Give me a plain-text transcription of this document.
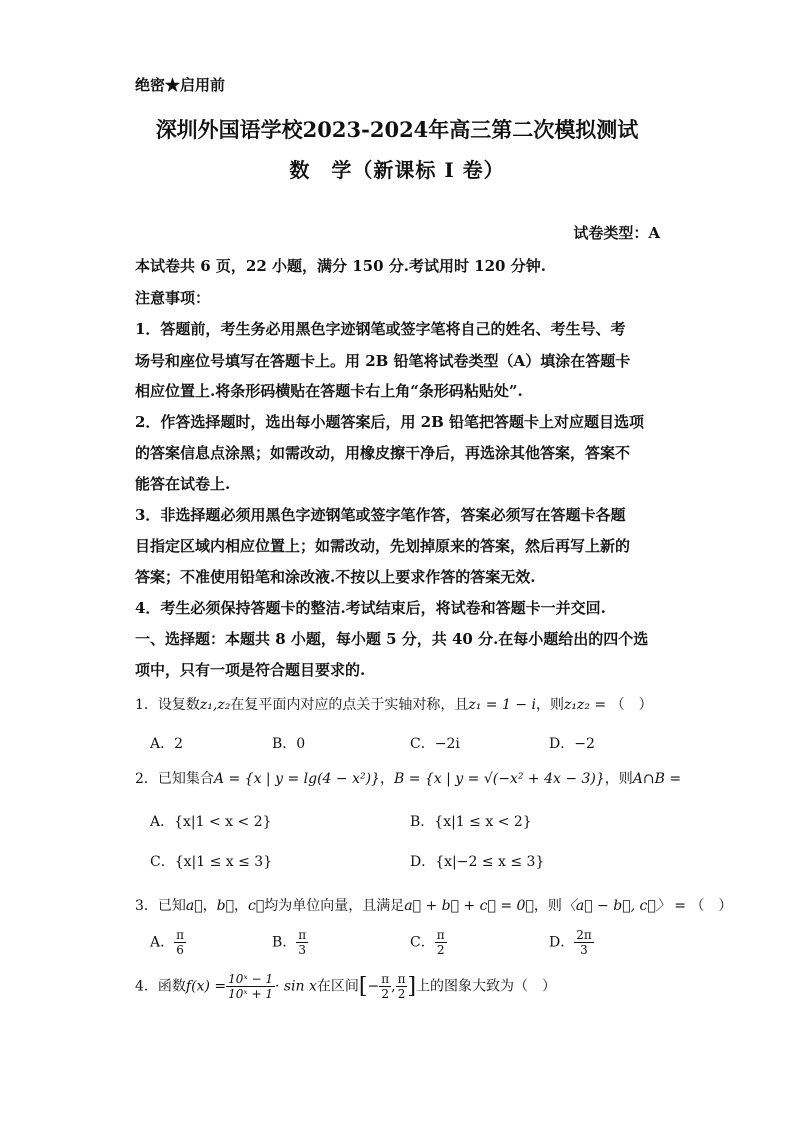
绝密★启用前
深圳外国语学校2023-2024年高三第二次模拟测试
数　学（新课标 I 卷）
试卷类型：A
本试卷共 6 页，22 小题，满分 150 分.考试用时 120 分钟.
注意事项：
1．答题前，考生务必用黑色字迹钢笔或签字笔将自己的姓名、考生号、考
场号和座位号填写在答题卡上。用 2B 铅笔将试卷类型（A）填涂在答题卡
相应位置上.将条形码横贴在答题卡右上角“条形码粘贴处”.
2．作答选择题时，选出每小题答案后，用 2B 铅笔把答题卡上对应题目选项
的答案信息点涂黑；如需改动，用橡皮擦干净后，再选涂其他答案，答案不
能答在试卷上.
3．非选择题必须用黑色字迹钢笔或签字笔作答，答案必须写在答题卡各题
目指定区域内相应位置上；如需改动，先划掉原来的答案，然后再写上新的
答案；不准使用铅笔和涂改液.不按以上要求作答的答案无效.
4．考生必须保持答题卡的整洁.考试结束后，将试卷和答题卡一并交回.
一、选择题：本题共 8 小题，每小题 5 分，共 40 分.在每小题给出的四个选
项中，只有一项是符合题目要求的.
1．设复数z₁,z₂在复平面内对应的点关于实轴对称，且z₁ = 1 − i，则z₁z₂ = （　）
A．2	B．0	C．−2i	D．−2
2．已知集合A = {x | y = lg(4 − x²)}，B = {x | y = √(−x² + 4x − 3)}，则A∩B =
A．{x|1 < x < 2}	B．{x|1 ≤ x < 2}
C．{x|1 ≤ x ≤ 3}	D．{x|−2 ≤ x ≤ 3}
3．已知a⃗，b⃗，c⃗均为单位向量，且满足a⃗ + b⃗ + c⃗ = 0⃗，则〈a⃗ − b⃗, c⃗〉 = （　）
A． $\frac{\pi}{6}$	B． $\frac{\pi}{3}$	C． $\frac{\pi}{2}$	D． $\frac{2\pi}{3}$
4．函数$f(x) = \frac{\text{10ˣ − 1}}{\text{10ˣ + 1}} \cdot \sin x$在区间[− $\frac{\pi}{2}$ , $\frac{\pi}{2}$ ]上的图象大致为（　）
